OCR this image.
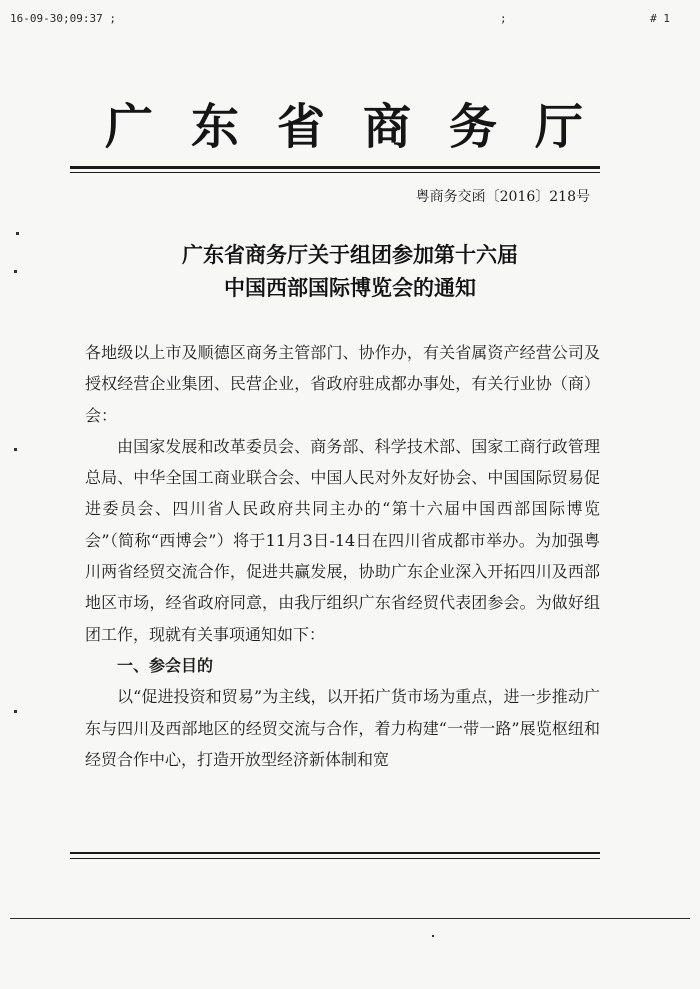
16-09-30;09:37 ;	;	# 1
广东省商务厅
粤商务交函〔2016〕218号
广东省商务厅关于组团参加第十六届
中国西部国际博览会的通知

各地级以上市及顺德区商务主管部门、协作办，有关省属资产经营公司及授权经营企业集团、民营企业，省政府驻成都办事处，有关行业协（商）会：

由国家发展和改革委员会、商务部、科学技术部、国家工商行政管理总局、中华全国工商业联合会、中国人民对外友好协会、中国国际贸易促进委员会、四川省人民政府共同主办的“第十六届中国西部国际博览会”（简称“西博会”）将于11月3日-14日在四川省成都市举办。为加强粤川两省经贸交流合作，促进共赢发展，协助广东企业深入开拓四川及西部地区市场，经省政府同意，由我厅组织广东省经贸代表团参会。为做好组团工作，现就有关事项通知如下：

一、参会目的

以“促进投资和贸易”为主线，以开拓广货市场为重点，进一步推动广东与四川及西部地区的经贸交流与合作，着力构建“一带一路”展览枢纽和经贸合作中心，打造开放型经济新体制和宽
